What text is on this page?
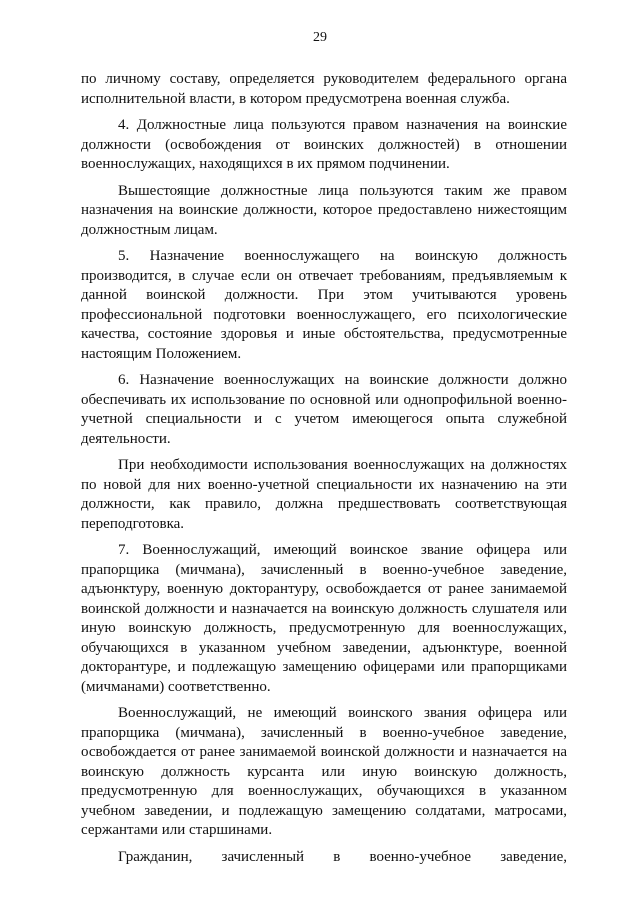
29

по личному составу, определяется руководителем федерального органа исполнительной власти, в котором предусмотрена военная служба.

4. Должностные лица пользуются правом назначения на воинские должности (освобождения от воинских должностей) в отношении военнослужащих, находящихся в их прямом подчинении.

Вышестоящие должностные лица пользуются таким же правом назначения на воинские должности, которое предоставлено нижестоящим должностным лицам.

5. Назначение военнослужащего на воинскую должность производится, в случае если он отвечает требованиям, предъявляемым к данной воинской должности. При этом учитываются уровень профессиональной подготовки военнослужащего, его психологические качества, состояние здоровья и иные обстоятельства, предусмотренные настоящим Положением.

6. Назначение военнослужащих на воинские должности должно обеспечивать их использование по основной или однопрофильной военно-учетной специальности и с учетом имеющегося опыта служебной деятельности.

При необходимости использования военнослужащих на должностях по новой для них военно-учетной специальности их назначению на эти должности, как правило, должна предшествовать соответствующая переподготовка.

7. Военнослужащий, имеющий воинское звание офицера или прапорщика (мичмана), зачисленный в военно-учебное заведение, адъюнктуру, военную докторантуру, освобождается от ранее занимаемой воинской должности и назначается на воинскую должность слушателя или иную воинскую должность, предусмотренную для военнослужащих, обучающихся в указанном учебном заведении, адъюнктуре, военной докторантуре, и подлежащую замещению офицерами или прапорщиками (мичманами) соответственно.

Военнослужащий, не имеющий воинского звания офицера или прапорщика (мичмана), зачисленный в военно-учебное заведение, освобождается от ранее занимаемой воинской должности и назначается на воинскую должность курсанта или иную воинскую должность, предусмотренную для военнослужащих, обучающихся в указанном учебном заведении, и подлежащую замещению солдатами, матросами, сержантами или старшинами.

Гражданин, зачисленный в военно-учебное заведение,
